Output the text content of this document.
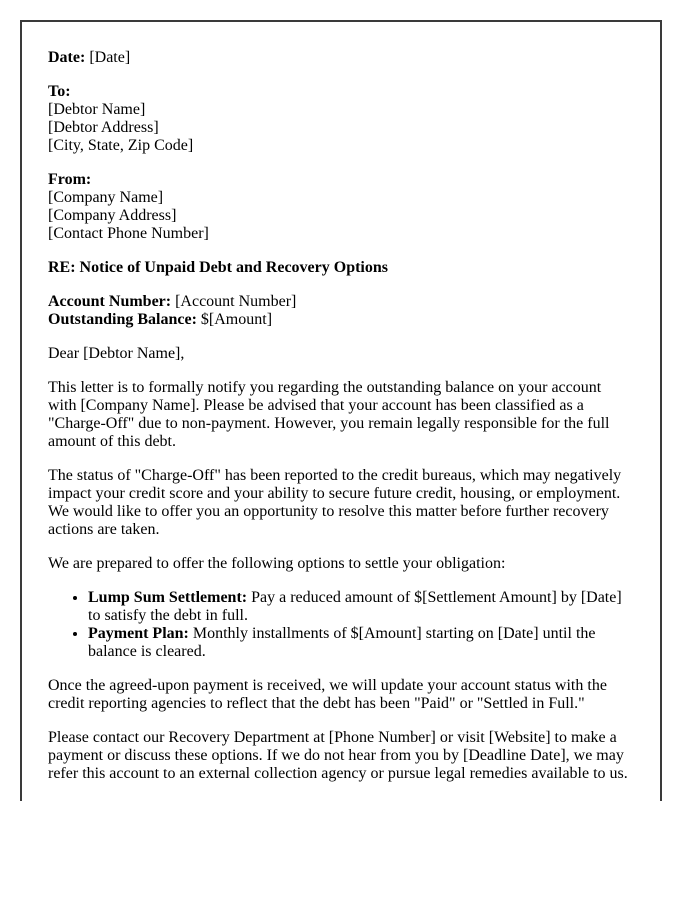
Date: [Date]

To:
[Debtor Name]
[Debtor Address]
[City, State, Zip Code]

From:
[Company Name]
[Company Address]
[Contact Phone Number]

RE: Notice of Unpaid Debt and Recovery Options

Account Number: [Account Number]
Outstanding Balance: $[Amount]

Dear [Debtor Name],

This letter is to formally notify you regarding the outstanding balance on your account with [Company Name]. Please be advised that your account has been classified as a "Charge-Off" due to non-payment. However, you remain legally responsible for the full amount of this debt.

The status of "Charge-Off" has been reported to the credit bureaus, which may negatively impact your credit score and your ability to secure future credit, housing, or employment. We would like to offer you an opportunity to resolve this matter before further recovery actions are taken.

We are prepared to offer the following options to settle your obligation:

• Lump Sum Settlement: Pay a reduced amount of $[Settlement Amount] by [Date] to satisfy the debt in full.
• Payment Plan: Monthly installments of $[Amount] starting on [Date] until the balance is cleared.

Once the agreed-upon payment is received, we will update your account status with the credit reporting agencies to reflect that the debt has been "Paid" or "Settled in Full."

Please contact our Recovery Department at [Phone Number] or visit [Website] to make a payment or discuss these options. If we do not hear from you by [Deadline Date], we may refer this account to an external collection agency or pursue legal remedies available to us.
